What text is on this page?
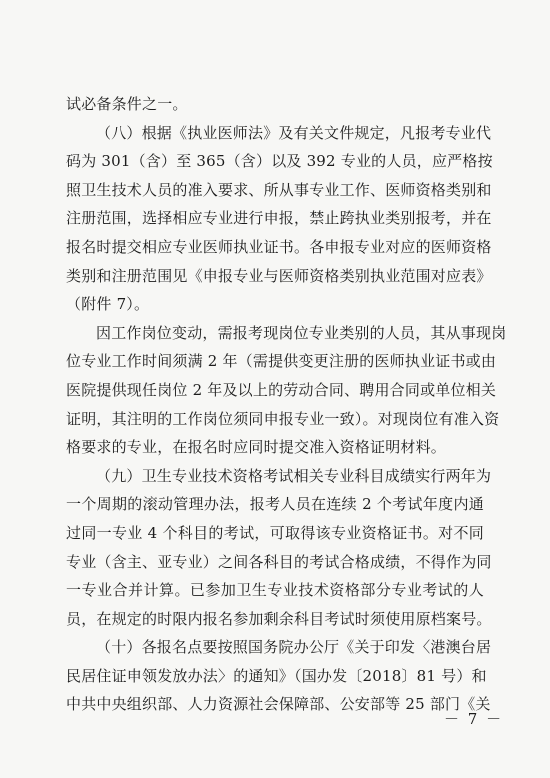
试必备条件之一。
（八）根据《执业医师法》及有关文件规定，凡报考专业代
码为 301（含）至 365（含）以及 392 专业的人员，应严格按
照卫生技术人员的准入要求、所从事专业工作、医师资格类别和
注册范围，选择相应专业进行申报，禁止跨执业类别报考，并在
报名时提交相应专业医师执业证书。各申报专业对应的医师资格
类别和注册范围见《申报专业与医师资格类别执业范围对应表》
（附件 7）。
因工作岗位变动，需报考现岗位专业类别的人员，其从事现岗
位专业工作时间须满 2 年（需提供变更注册的医师执业证书或由
医院提供现任岗位 2 年及以上的劳动合同、聘用合同或单位相关
证明，其注明的工作岗位须同申报专业一致）。对现岗位有准入资
格要求的专业，在报名时应同时提交准入资格证明材料。
（九）卫生专业技术资格考试相关专业科目成绩实行两年为
一个周期的滚动管理办法，报考人员在连续 2 个考试年度内通
过同一专业 4 个科目的考试，可取得该专业资格证书。对不同
专业（含主、亚专业）之间各科目的考试合格成绩，不得作为同
一专业合并计算。已参加卫生专业技术资格部分专业考试的人
员，在规定的时限内报名参加剩余科目考试时须使用原档案号。
（十）各报名点要按照国务院办公厅《关于印发〈港澳台居
民居住证申领发放办法〉的通知》（国办发〔2018〕81 号）和
中共中央组织部、人力资源社会保障部、公安部等 25 部门《关
－ 7 －
